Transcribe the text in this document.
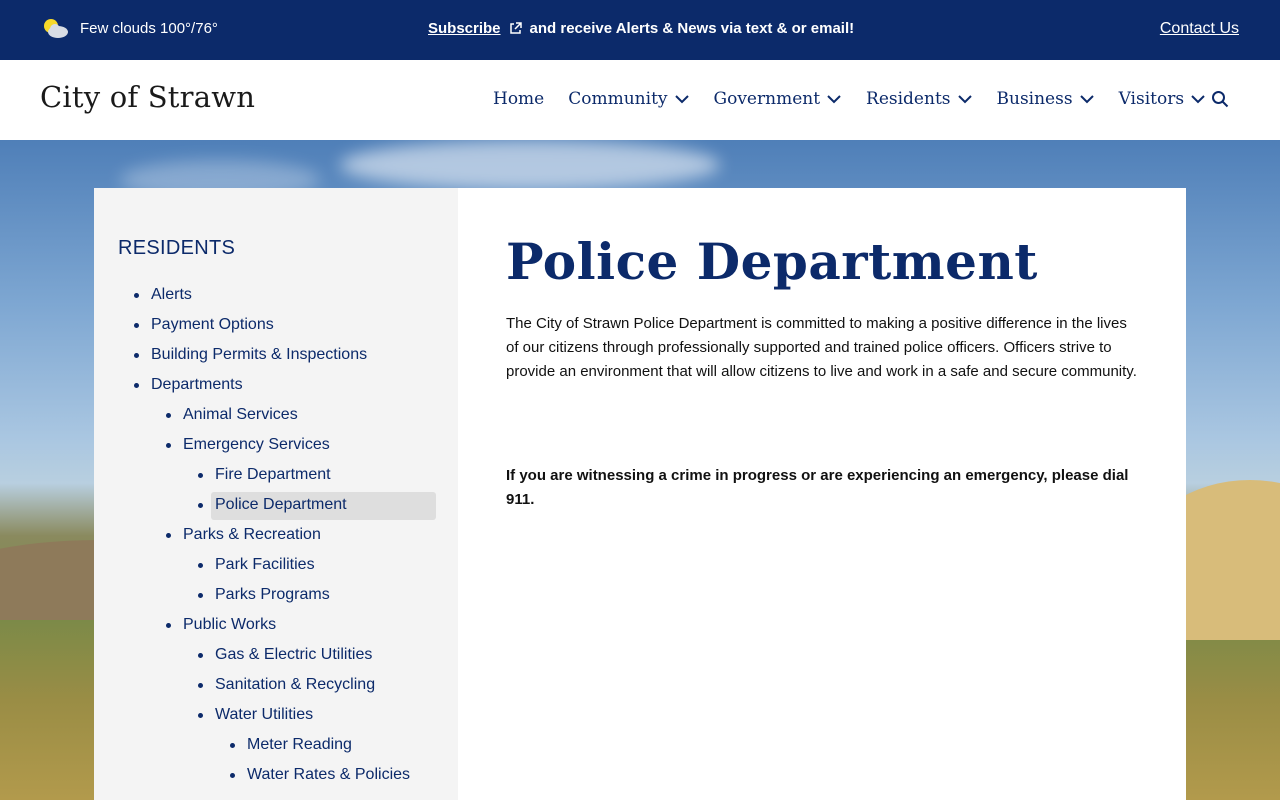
Few clouds 100°/76°	Subscribe and receive Alerts & News via text & or email!	Contact Us
City of Strawn	Home Community	Government	Residents	Business	Visitors
RESIDENTS
Alerts
Payment Options
Building Permits & Inspections
Departments
Animal Services
Emergency Services
Fire Department
Police Department
Parks & Recreation
Park Facilities
Parks Programs
Public Works
Gas & Electric Utilities
Sanitation & Recycling
Water Utilities
Meter Reading
Water Rates & Policies
Police Department

The City of Strawn Police Department is committed to making a positive difference in the lives of our citizens through professionally supported and trained police officers. Officers strive to provide an environment that will allow citizens to live and work in a safe and secure community.

If you are witnessing a crime in progress or are experiencing an emergency, please dial 911.
